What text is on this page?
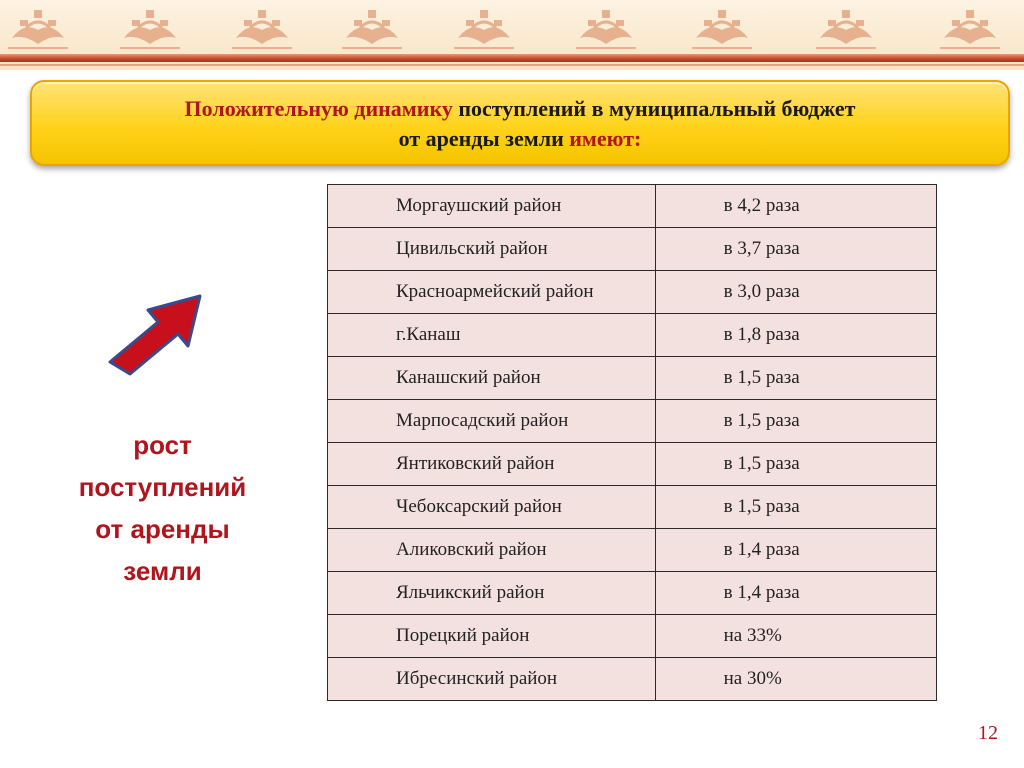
Положительную динамику поступлений в муниципальный бюджет
от аренды земли имеют:
Моргаушский район	в 4,2 раза
Цивильский район	в 3,7 раза
Красноармейский район	в 3,0 раза
г.Канаш	в 1,8 раза
Канашский район	в 1,5 раза
Марпосадский район	в 1,5 раза
Янтиковский район	в 1,5 раза
Чебоксарский район	в 1,5 раза
Аликовский район	в 1,4 раза
Яльчикский район	в 1,4 раза
Порецкий район	на 33%
Ибресинский район	на 30%
рост
поступлений
от аренды
земли
12
